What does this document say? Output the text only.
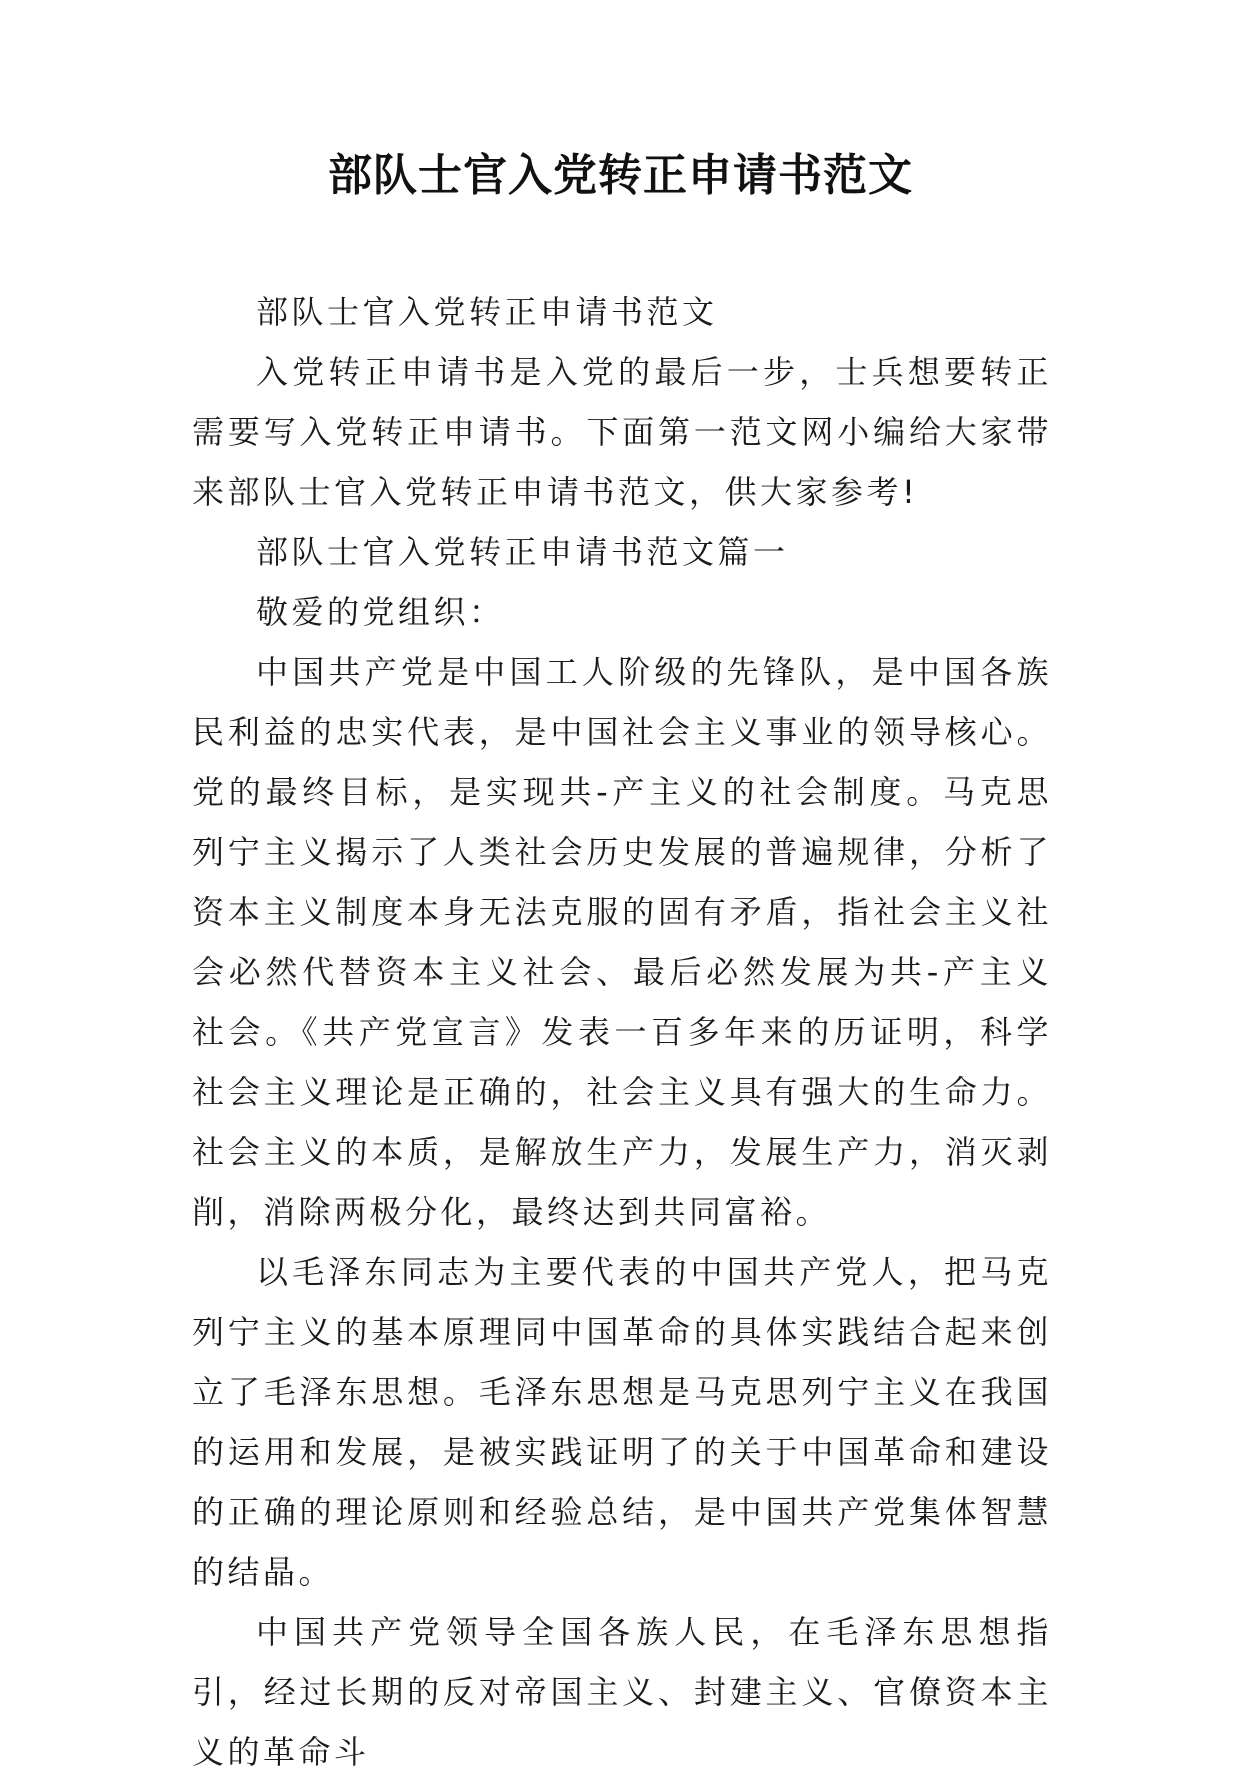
部队士官入党转正申请书范文

部队士官入党转正申请书范文

入党转正申请书是入党的最后一步，士兵想要转正需要写入党转正申请书。下面第一范文网小编给大家带来部队士官入党转正申请书范文，供大家参考!

部队士官入党转正申请书范文篇一

敬爱的党组织：

中国共产党是中国工人阶级的先锋队，是中国各族民利益的忠实代表，是中国社会主义事业的领导核心。党的最终目标，是实现共-产主义的社会制度。马克思列宁主义揭示了人类社会历史发展的普遍规律，分析了资本主义制度本身无法克服的固有矛盾，指社会主义社会必然代替资本主义社会、最后必然发展为共-产主义社会。《共产党宣言》发表一百多年来的历证明，科学社会主义理论是正确的，社会主义具有强大的生命力。社会主义的本质，是解放生产力，发展生产力，消灭剥削，消除两极分化，最终达到共同富裕。

以毛泽东同志为主要代表的中国共产党人，把马克列宁主义的基本原理同中国革命的具体实践结合起来创立了毛泽东思想。毛泽东思想是马克思列宁主义在我国的运用和发展，是被实践证明了的关于中国革命和建设的正确的理论原则和经验总结，是中国共产党集体智慧的结晶。

中国共产党领导全国各族人民，在毛泽东思想指引，经过长期的反对帝国主义、封建主义、官僚资本主义的革命斗
